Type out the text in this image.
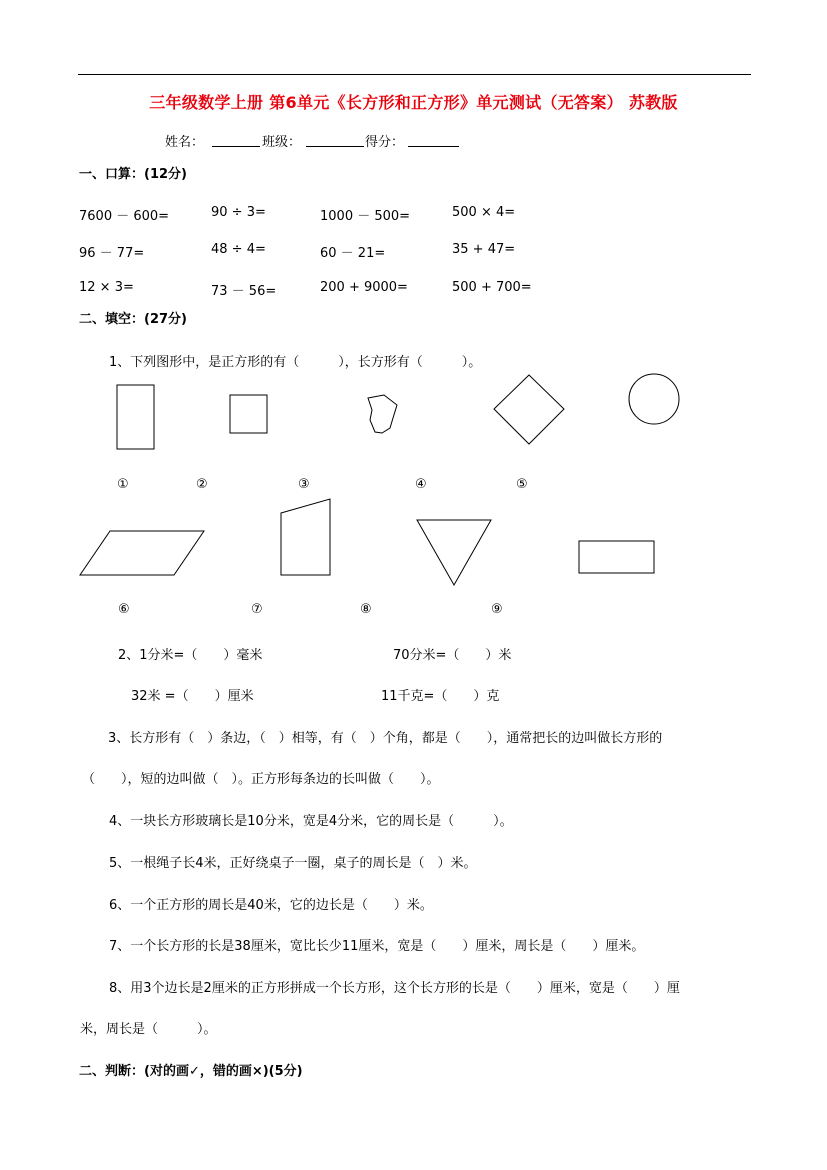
三年级数学上册 第6单元《长方形和正方形》单元测试（无答案） 苏教版
姓名：	班级：	得分：
一、口算：(12分)
7600 － 600=	90 ÷ 3=	1000 － 500=	500 × 4=
96 － 77=	48 ÷ 4=	60 － 21=	35 + 47=
12 × 3=	73 － 56=	200 + 9000=	500 + 700=
二、填空：(27分)
1、下列图形中，是正方形的有（　　　），长方形有（　　　）。
①	②	③	④	⑤
⑥	⑦	⑧	⑨
2、1分米=（　　）毫米	70分米=（　　）米
32米 =（　　）厘米	11千克=（　　）克
3、长方形有（　）条边，（　）相等，有（　）个角，都是（　　），通常把长的边叫做长方形的
（　　），短的边叫做（　）。正方形每条边的长叫做（　　）。
4、一块长方形玻璃长是10分米，宽是4分米，它的周长是（　　　）。
5、一根绳子长4米，正好绕桌子一圈，桌子的周长是（　）米。
6、一个正方形的周长是40米，它的边长是（　　）米。
7、一个长方形的长是38厘米，宽比长少11厘米，宽是（　　）厘米，周长是（　　）厘米。
8、用3个边长是2厘米的正方形拼成一个长方形，这个长方形的长是（　　）厘米，宽是（　　）厘
米，周长是（　　　）。
二、判断：(对的画✓，错的画×)(5分)
